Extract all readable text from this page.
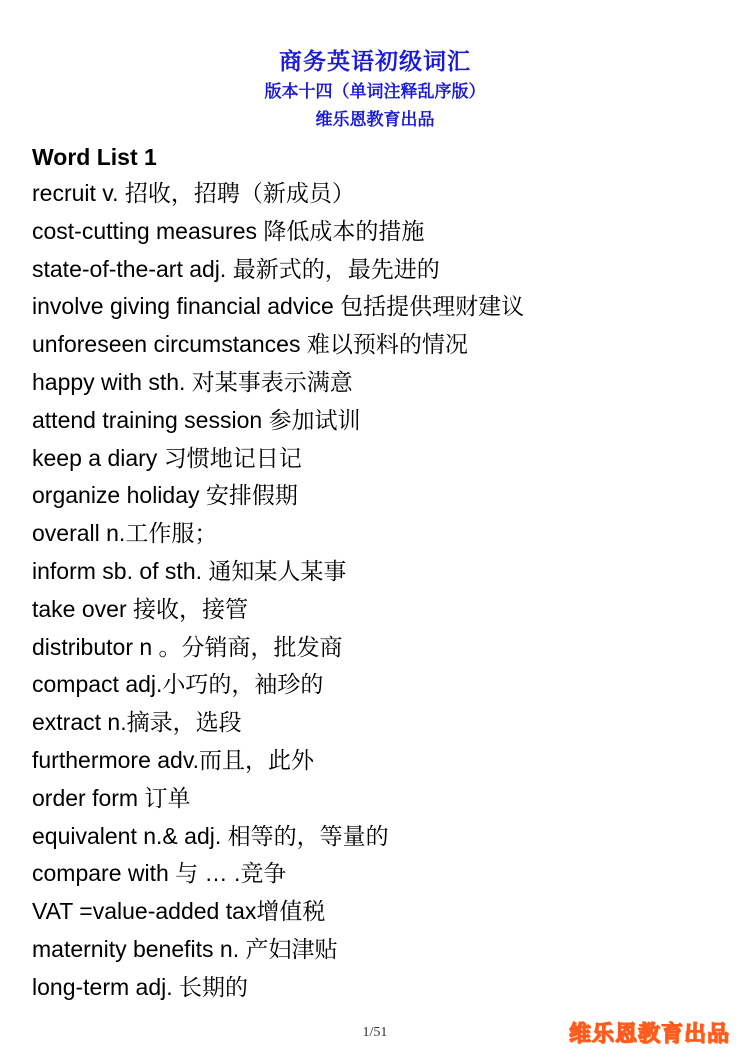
商务英语初级词汇
版本十四（单词注释乱序版）
维乐恩教育出品
Word List 1
recruit v. 招收，招聘（新成员）
cost-cutting measures 降低成本的措施
state-of-the-art adj. 最新式的，最先进的
involve giving financial advice 包括提供理财建议
unforeseen circumstances 难以预料的情况
happy with sth. 对某事表示满意
attend training session 参加试训
keep a diary 习惯地记日记
organize holiday 安排假期
overall n.工作服；
inform sb. of sth. 通知某人某事
take over 接收，接管
distributor n 。分销商，批发商
compact adj.小巧的，袖珍的
extract n.摘录，选段
furthermore adv.而且，此外
order form 订单
equivalent n.& adj. 相等的，等量的
compare with 与 … .竞争
VAT =value-added tax增值税
maternity benefits n. 产妇津贴
long-term adj. 长期的
1/51	维乐恩教育出品
